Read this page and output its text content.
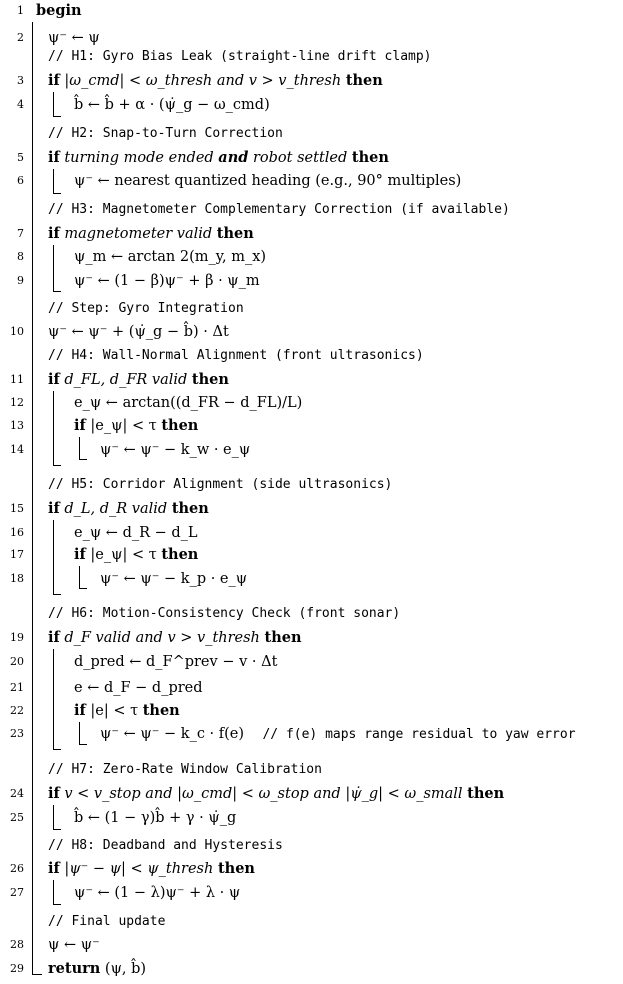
1
2
3
4
5
6
7
8
9
10
11
12
13
14
15
16
17
18
19
20
21
22
23
24
25
26
27
28
29
begin
ψ⁻ ← ψ
// H1: Gyro Bias Leak (straight-line drift clamp)
if |ω_cmd| < ω_thresh and v > v_thresh then
b̂ ← b̂ + α · (ψ̇_g − ω_cmd)
// H2: Snap-to-Turn Correction
if turning mode ended and robot settled then
ψ⁻ ← nearest quantized heading (e.g., 90° multiples)
// H3: Magnetometer Complementary Correction (if available)
if magnetometer valid then
ψ_m ← arctan 2(m_y, m_x)
ψ⁻ ← (1 − β)ψ⁻ + β · ψ_m
// Step: Gyro Integration
ψ⁻ ← ψ⁻ + (ψ̇_g − b̂) · Δt
// H4: Wall-Normal Alignment (front ultrasonics)
if d_FL, d_FR valid then
e_ψ ← arctan((d_FR − d_FL)/L)
if |e_ψ| < τ then
ψ⁻ ← ψ⁻ − k_w · e_ψ
// H5: Corridor Alignment (side ultrasonics)
if d_L, d_R valid then
e_ψ ← d_R − d_L
if |e_ψ| < τ then
ψ⁻ ← ψ⁻ − k_p · e_ψ
// H6: Motion-Consistency Check (front sonar)
if d_F valid and v > v_thresh then
d_pred ← d_F^prev − v · Δt
e ← d_F − d_pred
if |e| < τ then
ψ⁻ ← ψ⁻ − k_c · f(e) // f(e) maps range residual to yaw error
// H7: Zero-Rate Window Calibration
if v < v_stop and |ω_cmd| < ω_stop and |ψ̇_g| < ω_small then
b̂ ← (1 − γ)b̂ + γ · ψ̇_g
// H8: Deadband and Hysteresis
if |ψ⁻ − ψ| < ψ_thresh then
ψ⁻ ← (1 − λ)ψ⁻ + λ · ψ
// Final update
ψ ← ψ⁻
return (ψ, b̂)
